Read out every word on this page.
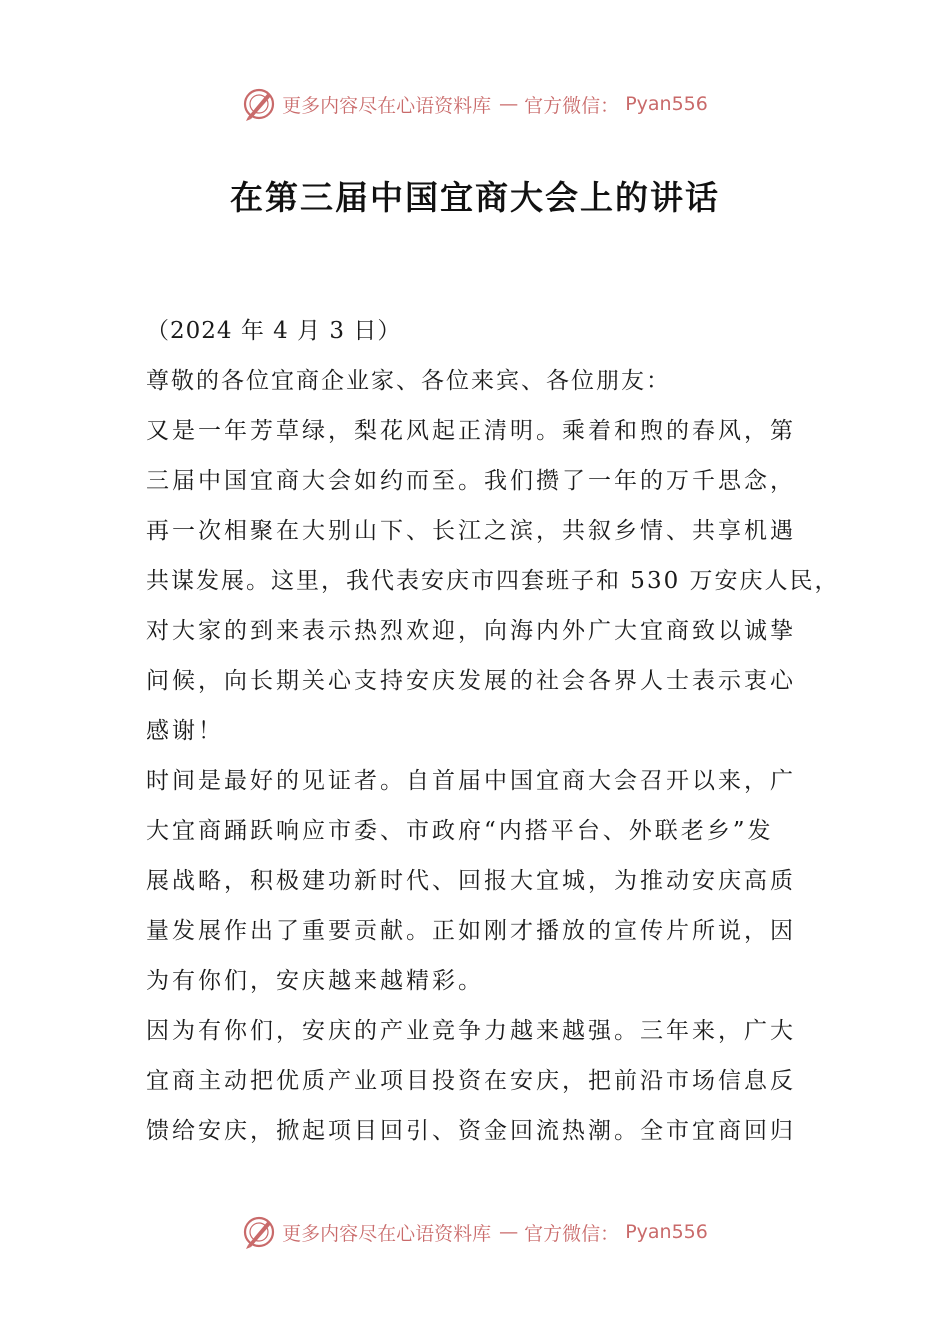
更多内容尽在心语资料库 — 官方微信： Pyan556
在第三届中国宜商大会上的讲话
（2024 年 4 月 3 日）
尊敬的各位宜商企业家、各位来宾、各位朋友：
又是一年芳草绿，梨花风起正清明。乘着和煦的春风，第
三届中国宜商大会如约而至。我们攒了一年的万千思念，
再一次相聚在大别山下、长江之滨，共叙乡情、共享机遇
共谋发展。这里，我代表安庆市四套班子和 530 万安庆人民，
对大家的到来表示热烈欢迎，向海内外广大宜商致以诚挚
问候，向长期关心支持安庆发展的社会各界人士表示衷心
感谢！
时间是最好的见证者。自首届中国宜商大会召开以来，广
大宜商踊跃响应市委、市政府“内搭平台、外联老乡”发
展战略，积极建功新时代、回报大宜城，为推动安庆高质
量发展作出了重要贡献。正如刚才播放的宣传片所说，因
为有你们，安庆越来越精彩。
因为有你们，安庆的产业竞争力越来越强。三年来，广大
宜商主动把优质产业项目投资在安庆，把前沿市场信息反
馈给安庆，掀起项目回引、资金回流热潮。全市宜商回归
更多内容尽在心语资料库 — 官方微信： Pyan556
